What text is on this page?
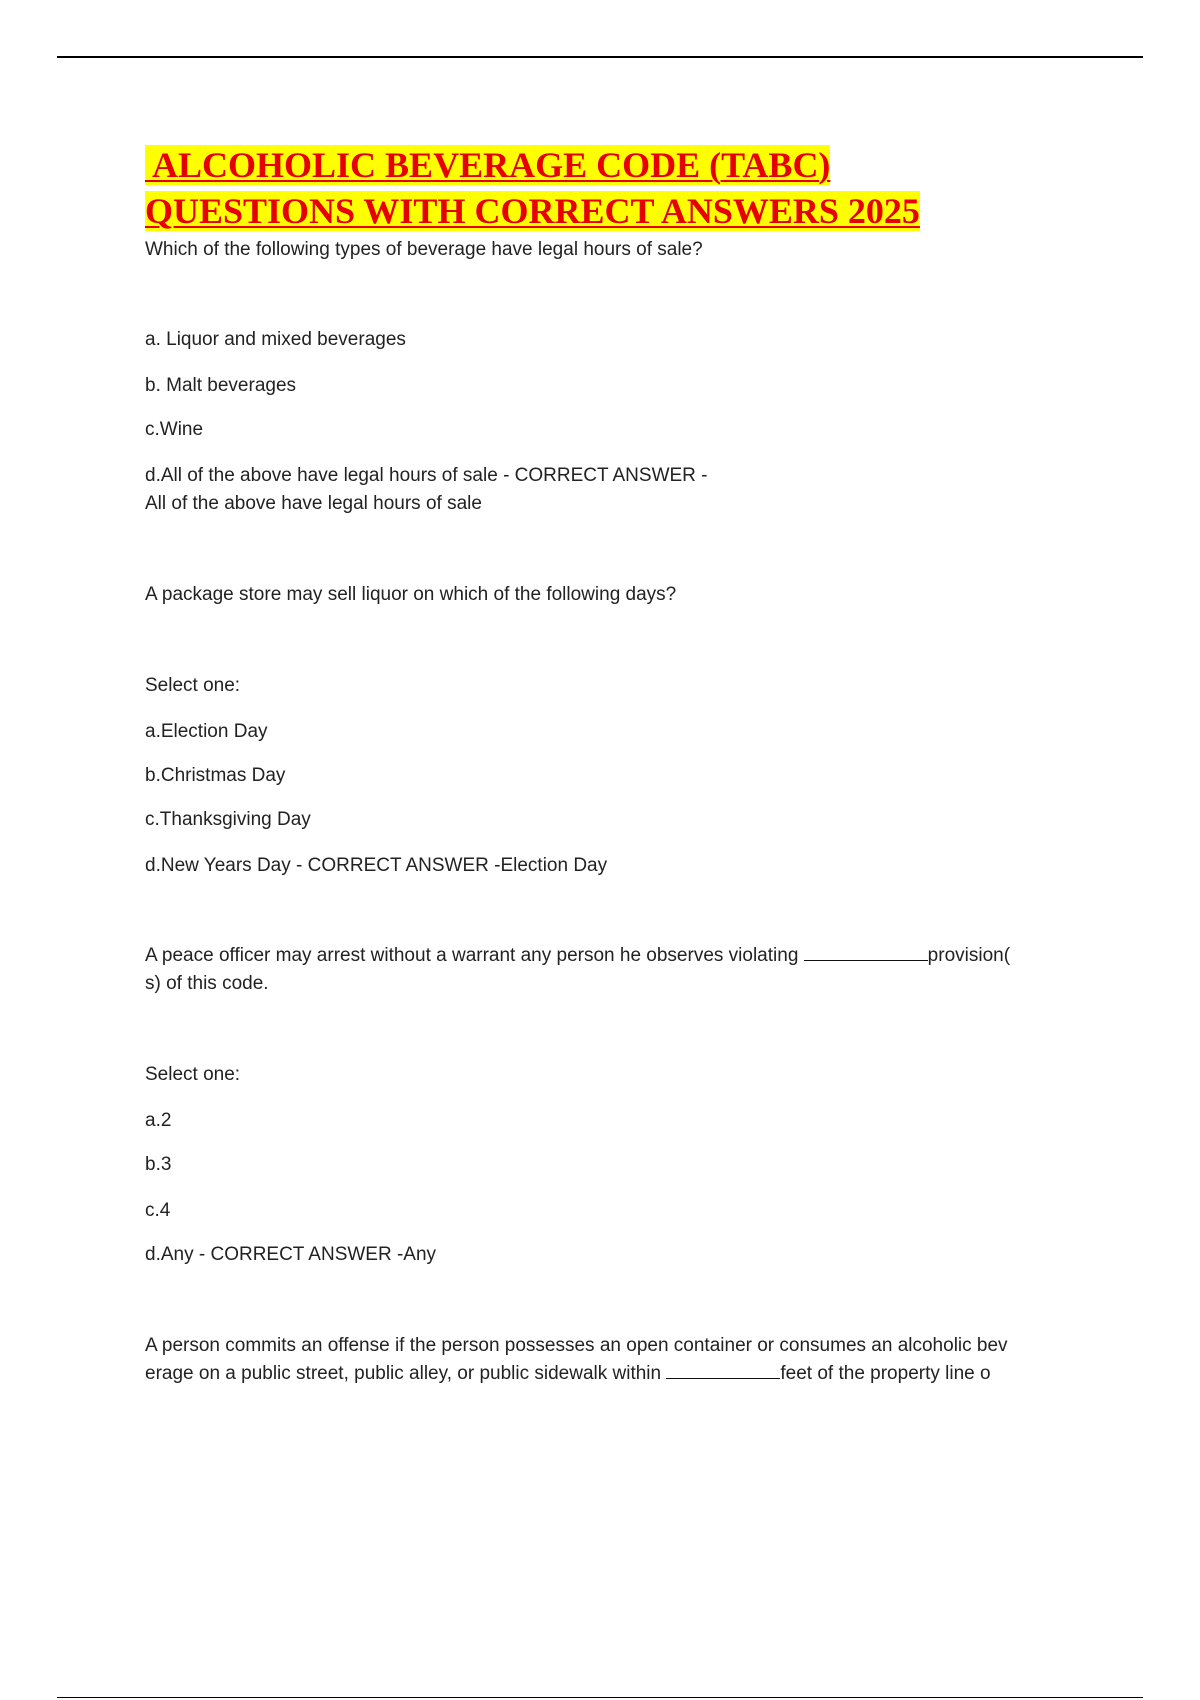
ALCOHOLIC BEVERAGE CODE (TABC)
QUESTIONS WITH CORRECT ANSWERS 2025

Which of the following types of beverage have legal hours of sale?

a. Liquor and mixed beverages

b. Malt beverages

c.Wine

d.All of the above have legal hours of sale - CORRECT ANSWER -
All of the above have legal hours of sale

A package store may sell liquor on which of the following days?

Select one:

a.Election Day

b.Christmas Day

c.Thanksgiving Day

d.New Years Day - CORRECT ANSWER -Election Day

A peace officer may arrest without a warrant any person he observes violating	provision(
s) of this code.

Select one:

a.2

b.3

c.4

d.Any - CORRECT ANSWER -Any

A person commits an offense if the person possesses an open container or consumes an alcoholic bev
erage on a public street, public alley, or public sidewalk within	feet of the property line o
